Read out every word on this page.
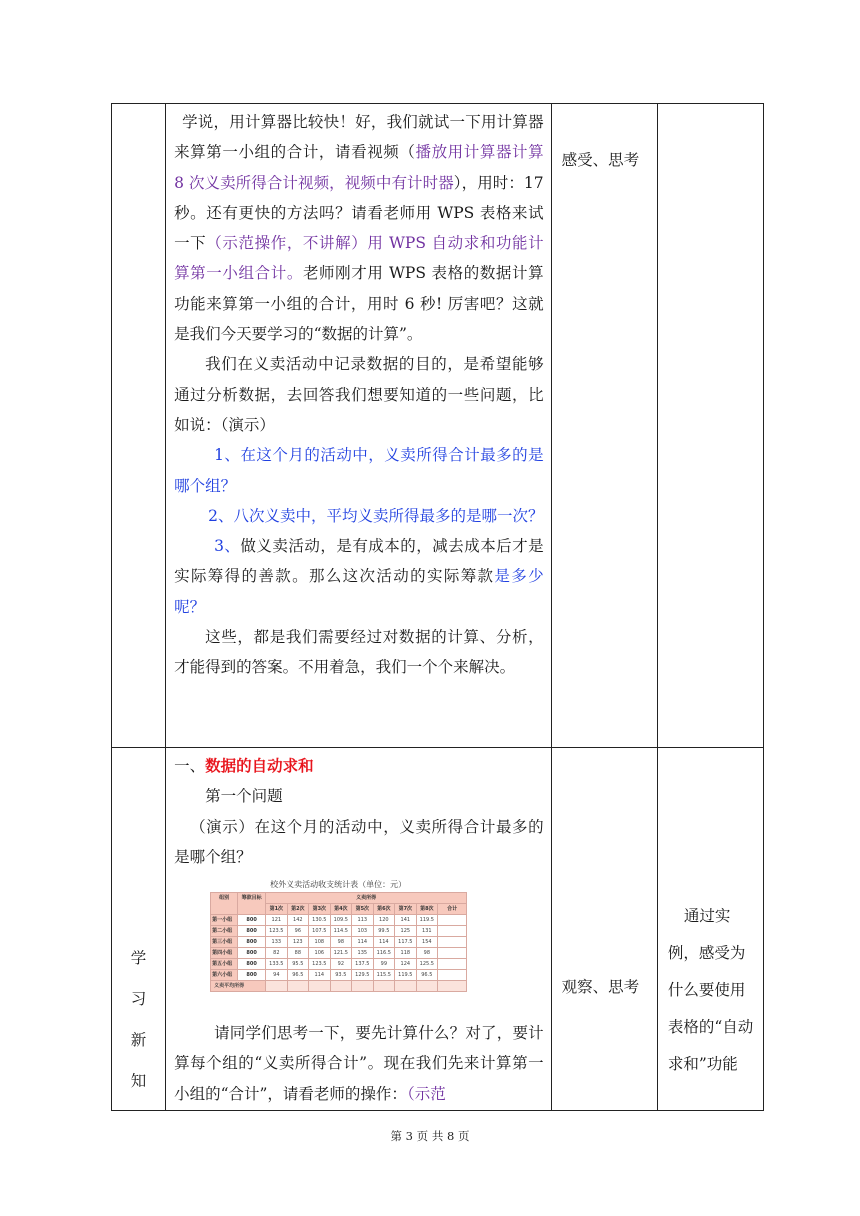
学说，用计算器比较快！好，我们就试一下用计算器来算第一小组的合计，请看视频（播放用计算器计算 8 次义卖所得合计视频，视频中有计时器），用时：17 秒。还有更快的方法吗？请看老师用 WPS 表格来试一下（示范操作，不讲解）用 WPS 自动求和功能计算第一小组合计。老师刚才用 WPS 表格的数据计算功能来算第一小组的合计，用时 6 秒! 厉害吧？这就是我们今天要学习的“数据的计算”。

我们在义卖活动中记录数据的目的，是希望能够通过分析数据，去回答我们想要知道的一些问题，比如说：（演示）

1、在这个月的活动中，义卖所得合计最多的是哪个组？

2、八次义卖中，平均义卖所得最多的是哪一次？

3、做义卖活动，是有成本的，减去成本后才是实际筹得的善款。那么这次活动的实际筹款是多少呢？

这些，都是我们需要经过对数据的计算、分析，才能得到的答案。不用着急，我们一个个来解决。

感受、思考

学
习
新
知

一、数据的自动求和

第一个问题

（演示）在这个月的活动中，义卖所得合计最多的是哪个组？

校外义卖活动收支统计表（单位：元）
组别	筹款目标	义卖所得
第1次	第2次	第3次	第4次	第5次	第6次	第7次	第8次	合计
第一小组	800	121	142	130.5	109.5	113	120	141	119.5	
第二小组	800	123.5	96	107.5	114.5	103	99.5	125	131	
第三小组	800	133	123	108	98	114	114	117.5	154	
第四小组	800	82	88	106	121.5	135	116.5	118	98	
第五小组	800	133.5	95.5	123.5	92	137.5	99	124	125.5	
第六小组	800	94	96.5	114	93.5	129.5	115.5	119.5	96.5	
义卖平均所得									

请同学们思考一下，要先计算什么？对了，要计算每个组的“义卖所得合计”。现在我们先来计算第一小组的“合计”，请看老师的操作：（示范

观察、思考

通过实例，感受为什么要使用表格的“自动求和”功能
第 3 页 共 8 页
